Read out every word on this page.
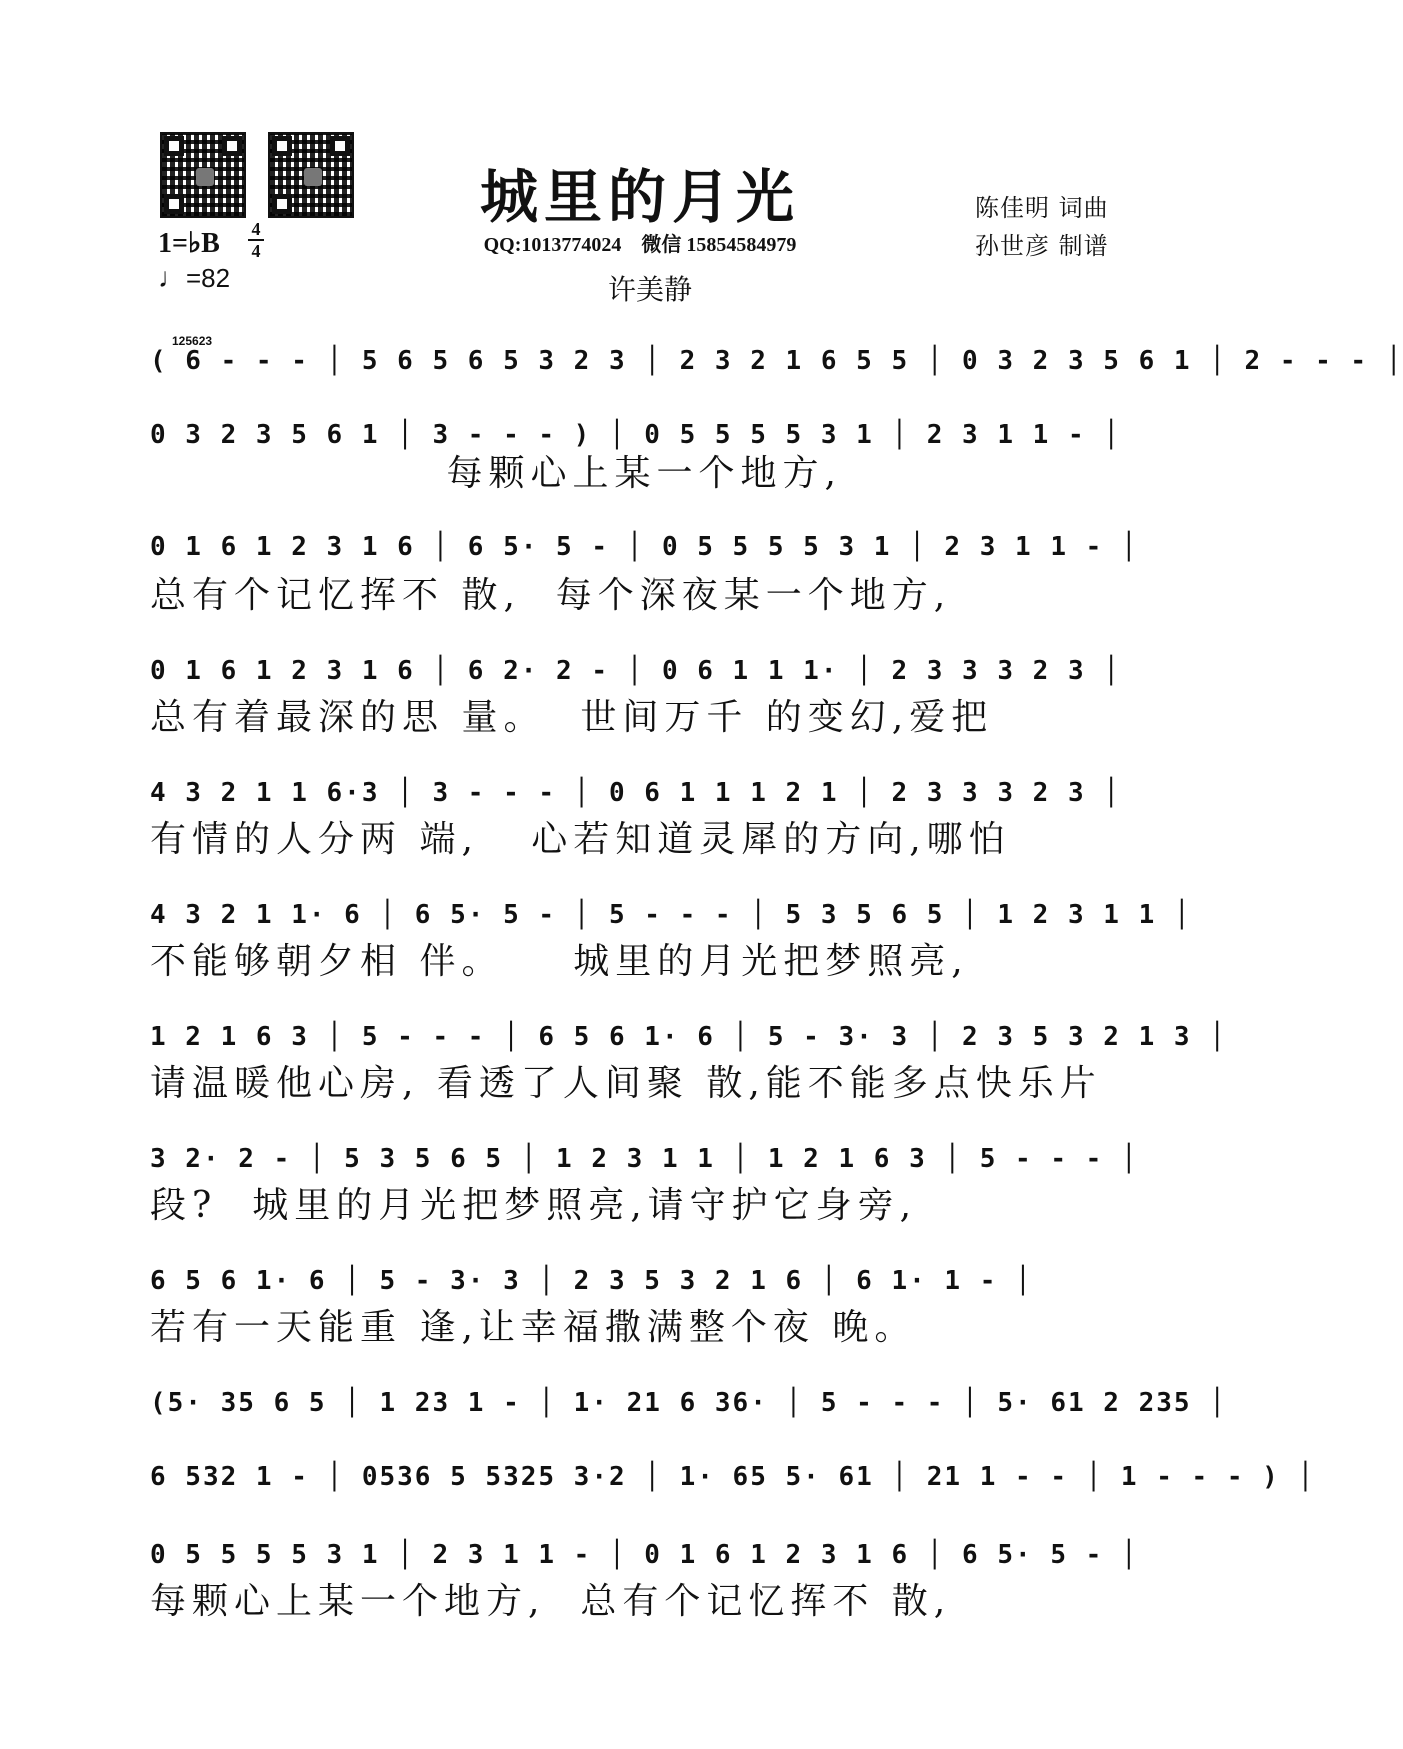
城里的月光
QQ:1013774024　微信 15854584979
许美静
陈佳明 词曲
孙世彦 制谱
1=♭B	4
4
♩=82
125623
( 6 - - - │ 5 6 5 6 5 3 2 3 │ 2 3 2 1 6 5 5 │ 0 3 2 3 5 6 1 │ 2 - - - │
0 3 2 3 5 6 1 │ 3 - - - ) │ 0 5 5 5 5 3 1 │ 2 3 1 1 - │
每颗心上某一个地方,
0 1 6 1 2 3 1 6 │ 6 5· 5 - │ 0 5 5 5 5 3 1 │ 2 3 1 1 - │
总有个记忆挥不 散,  每个深夜某一个地方,
0 1 6 1 2 3 1 6 │ 6 2· 2 - │ 0 6 1 1 1· │ 2 3 3 3 2 3 │
总有着最深的思 量。  世间万千 的变幻,爱把
4 3 2 1 1 6·3 │ 3 - - - │ 0 6 1 1 1 2 1 │ 2 3 3 3 2 3 │
有情的人分两 端,   心若知道灵犀的方向,哪怕
4 3 2 1 1· 6 │ 6 5· 5 - │ 5 - - - │ 5 3 5 6 5 │ 1 2 3 1 1 │
不能够朝夕相 伴。    城里的月光把梦照亮,
1 2 1 6 3 │ 5 - - - │ 6 5 6 1· 6 │ 5 - 3· 3 │ 2 3 5 3 2 1 3 │
请温暖他心房, 看透了人间聚 散,能不能多点快乐片
3 2· 2 - │ 5 3 5 6 5 │ 1 2 3 1 1 │ 1 2 1 6 3 │ 5 - - - │
段?  城里的月光把梦照亮,请守护它身旁,
6 5 6 1· 6 │ 5 - 3· 3 │ 2 3 5 3 2 1 6 │ 6 1· 1 - │
若有一天能重 逢,让幸福撒满整个夜 晚。
(5· 35 6 5 │ 1 23 1 - │ 1· 21 6 36· │ 5 - - - │ 5· 61 2 235 │
6 532 1 - │ 0536 5 5325 3·2 │ 1· 65 5· 61 │ 21 1 - - │ 1 - - - ) │
0 5 5 5 5 3 1 │ 2 3 1 1 - │ 0 1 6 1 2 3 1 6 │ 6 5· 5 - │
每颗心上某一个地方,  总有个记忆挥不 散,
